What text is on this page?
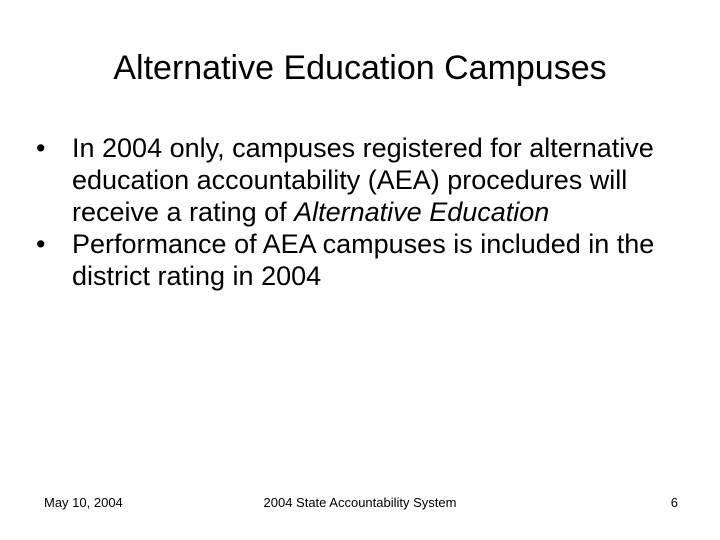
Alternative Education Campuses
• In 2004 only, campuses registered for alternative education accountability (AEA) procedures will receive a rating of Alternative Education
• Performance of AEA campuses is included in the district rating in 2004
May 10, 2004	2004 State Accountability System	6
